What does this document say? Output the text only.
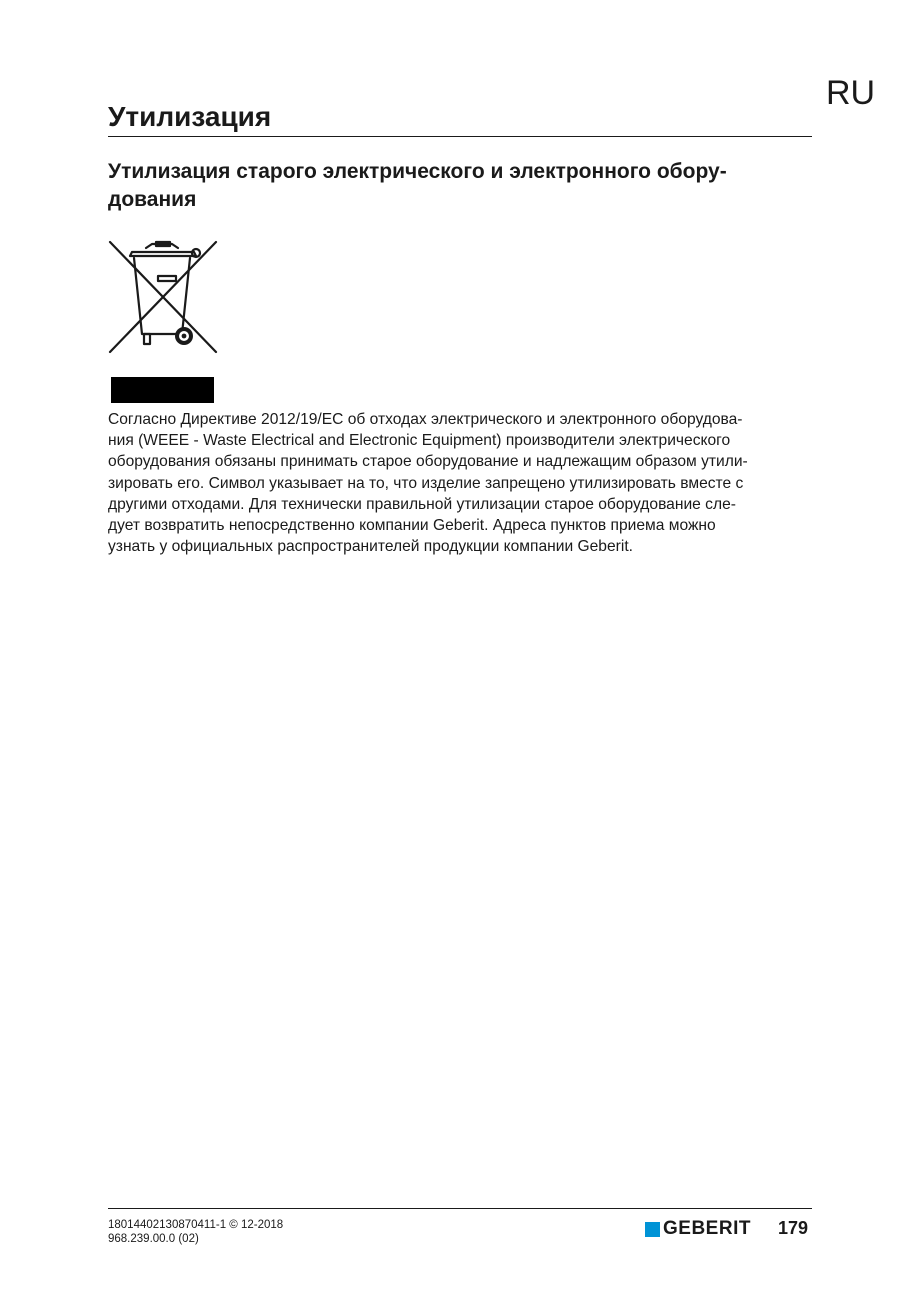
RU
Утилизация
Утилизация старого электрического и электронного обору-
дования
Согласно Директиве 2012/19/EC об отходах электрического и электронного оборудова-
ния (WEEE - Waste Electrical and Electronic Equipment) производители электрического
оборудования обязаны принимать старое оборудование и надлежащим образом утили-
зировать его. Символ указывает на то, что изделие запрещено утилизировать вместе с
другими отходами. Для технически правильной утилизации старое оборудование сле-
дует возвратить непосредственно компании Geberit. Адреса пунктов приема можно
узнать у официальных распространителей продукции компании Geberit.
18014402130870411-1 © 12-2018
968.239.00.0 (02)	GEBERIT 179
